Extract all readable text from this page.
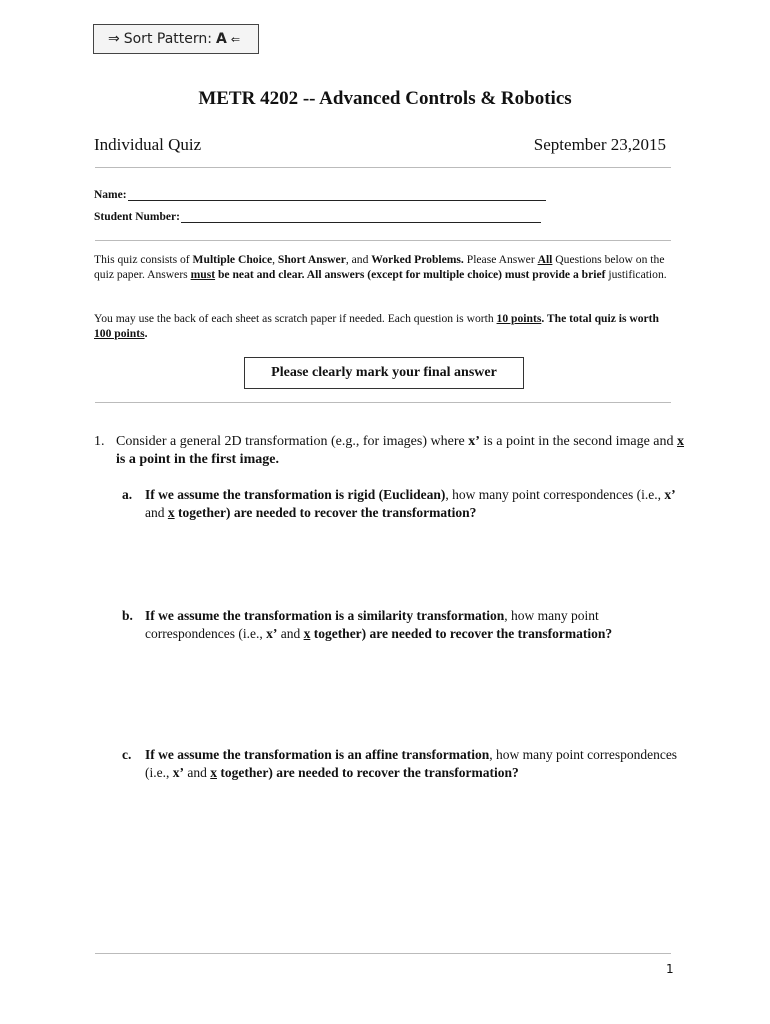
⇒ Sort Pattern: A ⇐
METR 4202 -- Advanced Controls & Robotics
Individual Quiz	September 23,2015
Name:
Student Number:
This quiz consists of Multiple Choice, Short Answer, and Worked Problems. Please Answer All Questions below on the quiz paper. Answers must be neat and clear. All answers (except for multiple choice) must provide a brief justification.
You may use the back of each sheet as scratch paper if needed. Each question is worth 10 points. The total quiz is worth 100 points.
Please clearly mark your final answer
1. Consider a general 2D transformation (e.g., for images) where x’ is a point in the second image and x is a point in the first image.
a. If we assume the transformation is rigid (Euclidean), how many point correspondences (i.e., x’ and x together) are needed to recover the transformation?
b. If we assume the transformation is a similarity transformation, how many point correspondences (i.e., x’ and x together) are needed to recover the transformation?
c. If we assume the transformation is an affine transformation, how many point correspondences (i.e., x’ and x together) are needed to recover the transformation?
1
